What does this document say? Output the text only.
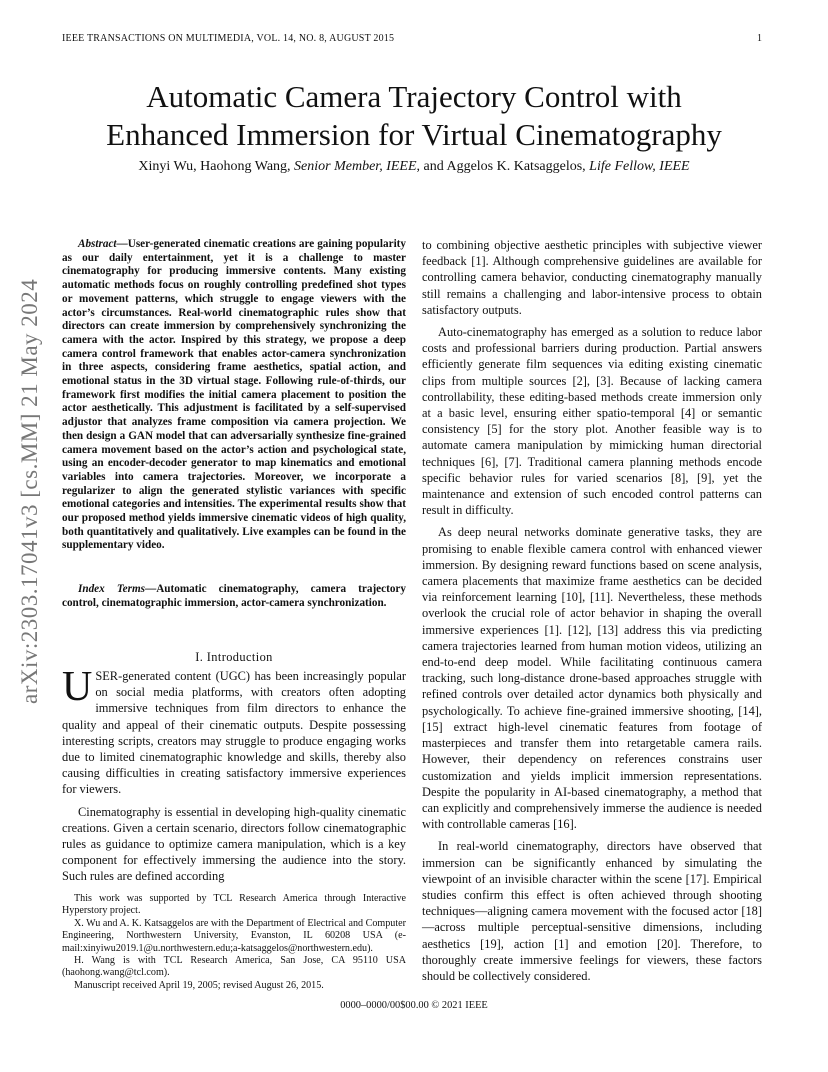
IEEE TRANSACTIONS ON MULTIMEDIA, VOL. 14, NO. 8, AUGUST 2015	1
Automatic Camera Trajectory Control with
Enhanced Immersion for Virtual Cinematography
Xinyi Wu, Haohong Wang, Senior Member, IEEE, and Aggelos K. Katsaggelos, Life Fellow, IEEE
arXiv:2303.17041v3 [cs.MM] 21 May 2024
Abstract—User-generated cinematic creations are gaining popularity as our daily entertainment, yet it is a challenge to master cinematography for producing immersive contents. Many existing automatic methods focus on roughly controlling predefined shot types or movement patterns, which struggle to engage viewers with the actor’s circumstances. Real-world cinematographic rules show that directors can create immersion by comprehensively synchronizing the camera with the actor. Inspired by this strategy, we propose a deep camera control framework that enables actor-camera synchronization in three aspects, considering frame aesthetics, spatial action, and emotional status in the 3D virtual stage. Following rule-of-thirds, our framework first modifies the initial camera placement to position the actor aesthetically. This adjustment is facilitated by a self-supervised adjustor that analyzes frame composition via camera projection. We then design a GAN model that can adversarially synthesize fine-grained camera movement based on the actor’s action and psychological state, using an encoder-decoder generator to map kinematics and emotional variables into camera trajectories. Moreover, we incorporate a regularizer to align the generated stylistic variances with specific emotional categories and intensities. The experimental results show that our proposed method yields immersive cinematic videos of high quality, both quantitatively and qualitatively. Live examples can be found in the supplementary video.
Index Terms—Automatic cinematography, camera trajectory control, cinematographic immersion, actor-camera synchronization.
I. Introduction

USER-generated content (UGC) has been increasingly popular on social media platforms, with creators often adopting immersive techniques from film directors to enhance the quality and appeal of their cinematic outputs. Despite possessing interesting scripts, creators may struggle to produce engaging works due to limited cinematographic knowledge and skills, thereby also causing difficulties in creating satisfactory immersive experiences for viewers.

Cinematography is essential in developing high-quality cinematic creations. Given a certain scenario, directors follow cinematographic rules as guidance to optimize camera manipulation, which is a key component for effectively immersing the audience into the story. Such rules are defined according

This work was supported by TCL Research America through Interactive Hyperstory project.

X. Wu and A. K. Katsaggelos are with the Department of Electrical and Computer Engineering, Northwestern University, Evanston, IL 60208 USA (e-mail:xinyiwu2019.1@u.northwestern.edu;a-katsaggelos@northwestern.edu).

H. Wang is with TCL Research America, San Jose, CA 95110 USA (haohong.wang@tcl.com).

Manuscript received April 19, 2005; revised August 26, 2015.

to combining objective aesthetic principles with subjective viewer feedback [1]. Although comprehensive guidelines are available for controlling camera behavior, conducting cinematography manually still remains a challenging and labor-intensive process to obtain satisfactory outputs.

Auto-cinematography has emerged as a solution to reduce labor costs and professional barriers during production. Partial answers efficiently generate film sequences via editing existing cinematic clips from multiple sources [2], [3]. Because of lacking camera controllability, these editing-based methods create immersion only at a basic level, ensuring either spatio-temporal [4] or semantic consistency [5] for the story plot. Another feasible way is to automate camera manipulation by mimicking human directorial techniques [6], [7]. Traditional camera planning methods encode specific behavior rules for varied scenarios [8], [9], yet the maintenance and extension of such encoded control patterns can result in difficulty.

As deep neural networks dominate generative tasks, they are promising to enable flexible camera control with enhanced viewer immersion. By designing reward functions based on scene analysis, camera placements that maximize frame aesthetics can be decided via reinforcement learning [10], [11]. Nevertheless, these methods overlook the crucial role of actor behavior in shaping the overall immersive experiences [1]. [12], [13] address this via predicting camera trajectories learned from human motion videos, utilizing an end-to-end deep model. While facilitating continuous camera tracking, such long-distance drone-based approaches struggle with refined controls over detailed actor dynamics both physically and psychologically. To achieve fine-grained immersive shooting, [14], [15] extract high-level cinematic features from footage of masterpieces and transfer them into retargetable camera rails. However, their dependency on references constrains user customization and yields implicit immersion representations. Despite the popularity in AI-based cinematography, a method that can explicitly and comprehensively immerse the audience is needed with controllable cameras [16].

In real-world cinematography, directors have observed that immersion can be significantly enhanced by simulating the viewpoint of an invisible character within the scene [17]. Empirical studies confirm this effect is often achieved through shooting techniques—aligning camera movement with the focused actor [18]—across multiple perceptual-sensitive dimensions, including aesthetics [19], action [1] and emotion [20]. Therefore, to thoroughly create immersive feelings for viewers, these factors should be collectively considered.

0000–0000/00$00.00 © 2021 IEEE
